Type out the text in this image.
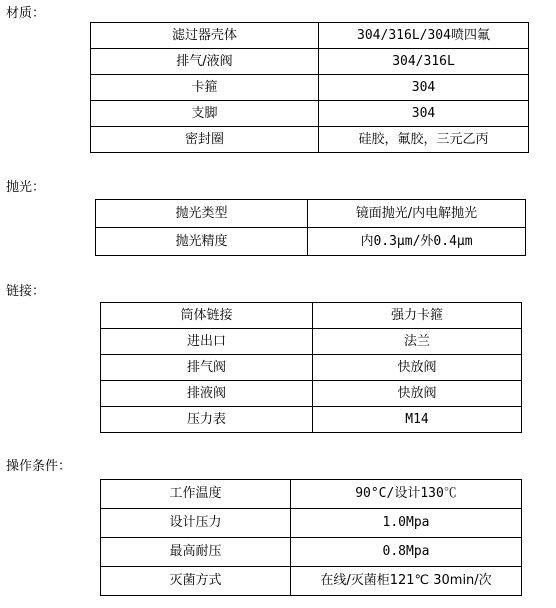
材质：
滤过器壳体	304/316L/304喷四氟
排气/液阀	304/316L
卡箍	304
支脚	304
密封圈	硅胶，氟胶，三元乙丙
抛光：
抛光类型	镜面抛光/内电解抛光
抛光精度	内0.3μm/外0.4μm
链接：
筒体链接	强力卡箍
进出口	法兰
排气阀	快放阀
排液阀	快放阀
压力表	M14
操作条件：
工作温度	90°C/设计130℃
设计压力	1.0Mpa
最高耐压	0.8Mpa
灭菌方式	在线/灭菌柜121℃ 30min/次
